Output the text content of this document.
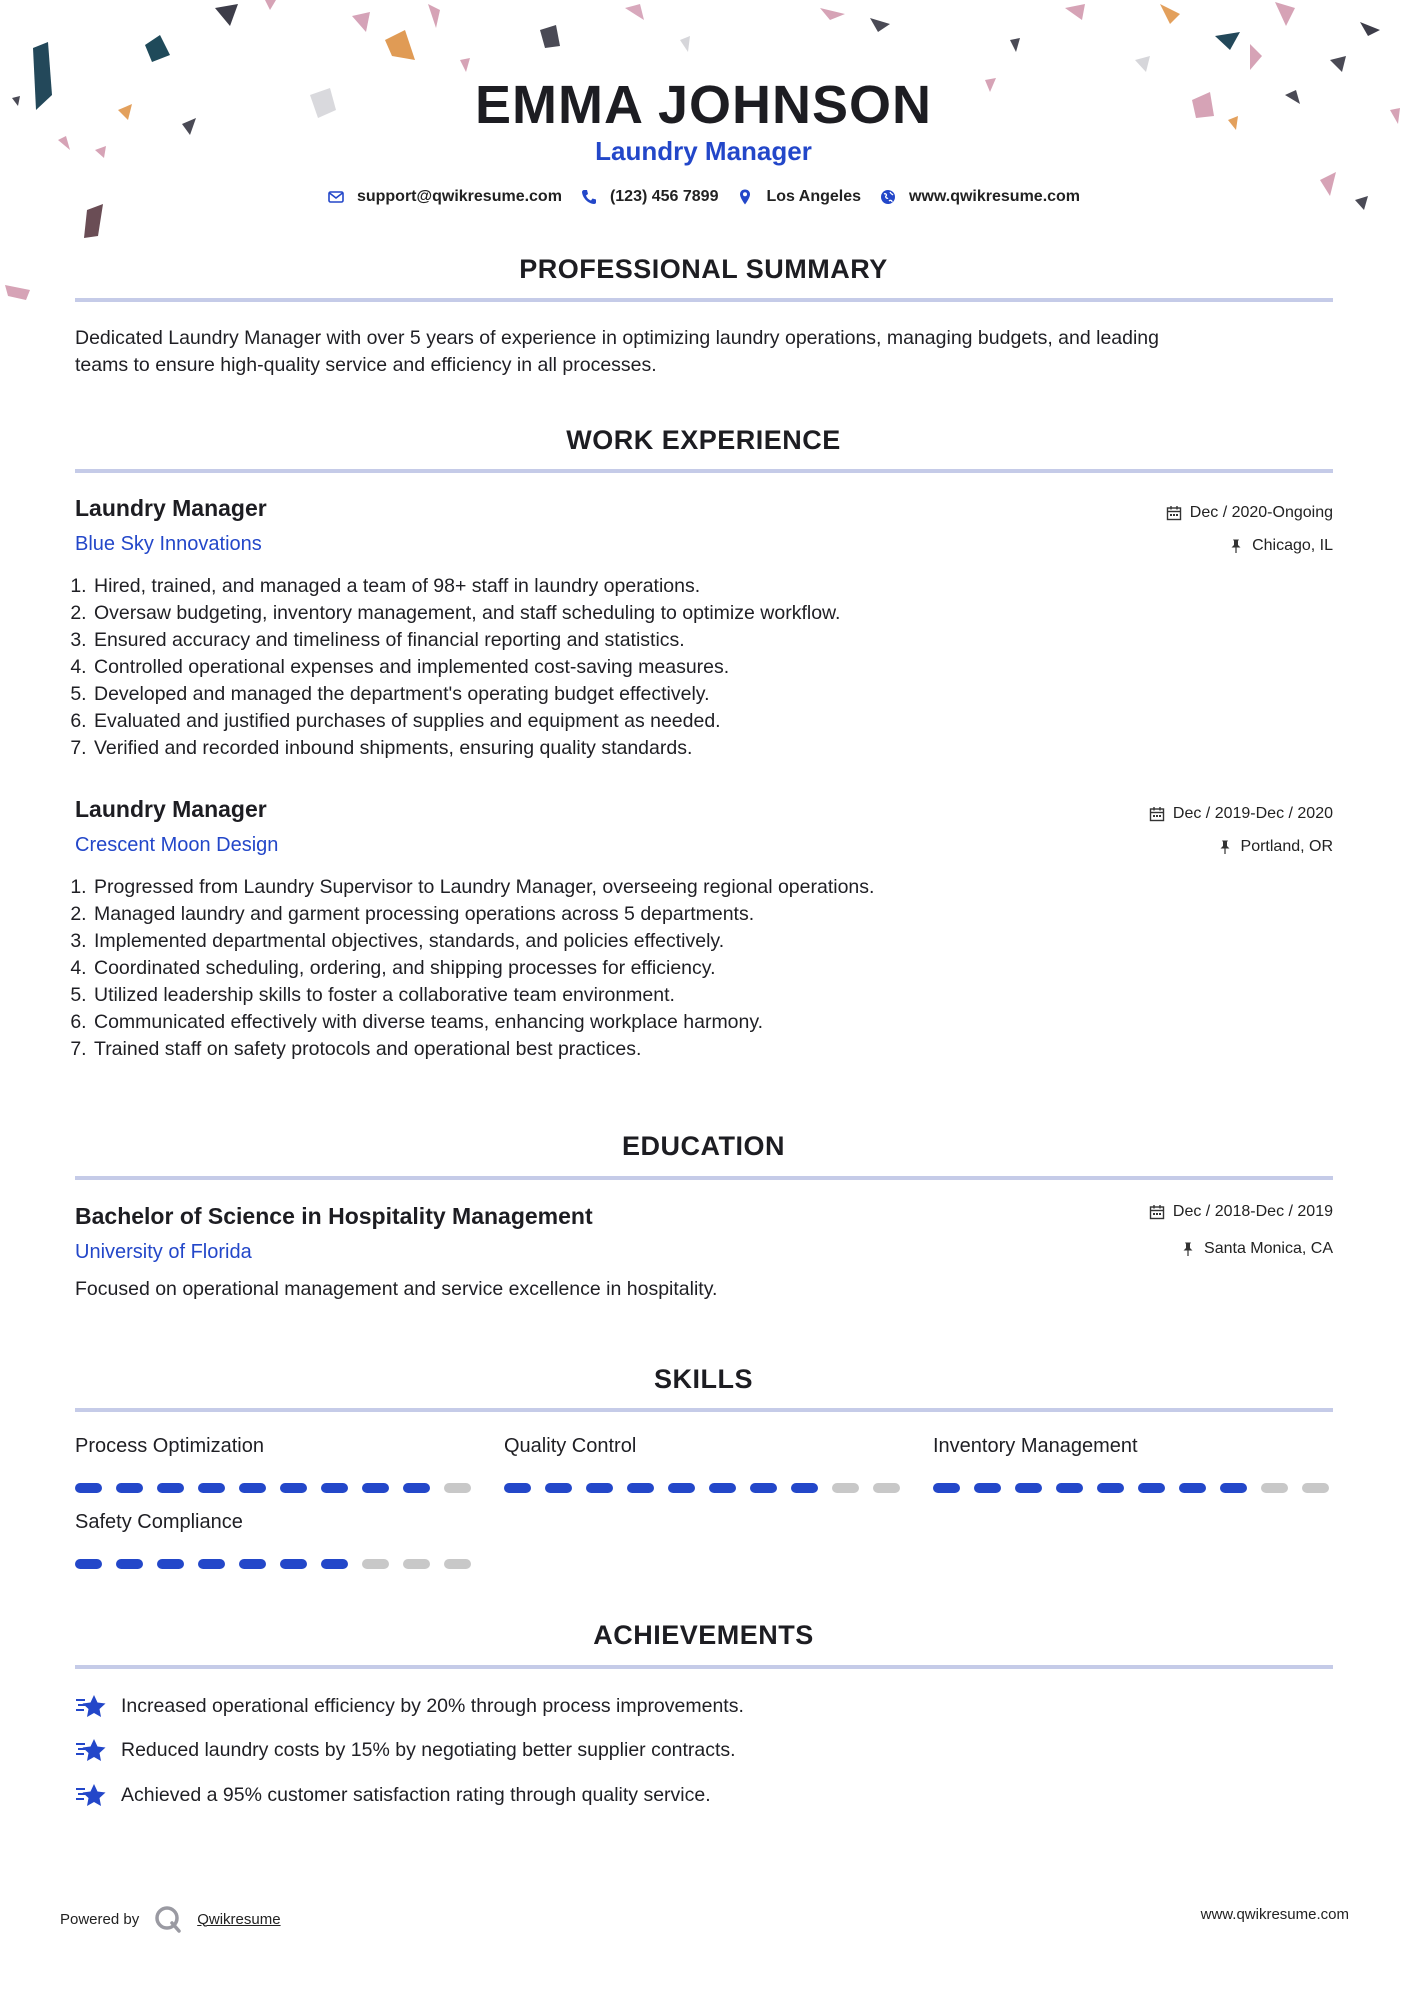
EMMA JOHNSON
Laundry Manager
support@qwikresume.com	(123) 456 7899	Los Angeles	www.qwikresume.com
PROFESSIONAL SUMMARY
Dedicated Laundry Manager with over 5 years of experience in optimizing laundry operations, managing budgets, and leading
teams to ensure high-quality service and efficiency in all processes.
WORK EXPERIENCE
Laundry Manager
Blue Sky Innovations
Dec / 2020-Ongoing
Chicago, IL
1. Hired, trained, and managed a team of 98+ staff in laundry operations.
2. Oversaw budgeting, inventory management, and staff scheduling to optimize workflow.
3. Ensured accuracy and timeliness of financial reporting and statistics.
4. Controlled operational expenses and implemented cost-saving measures.
5. Developed and managed the department's operating budget effectively.
6. Evaluated and justified purchases of supplies and equipment as needed.
7. Verified and recorded inbound shipments, ensuring quality standards.
Laundry Manager
Crescent Moon Design
Dec / 2019-Dec / 2020
Portland, OR
1. Progressed from Laundry Supervisor to Laundry Manager, overseeing regional operations.
2. Managed laundry and garment processing operations across 5 departments.
3. Implemented departmental objectives, standards, and policies effectively.
4. Coordinated scheduling, ordering, and shipping processes for efficiency.
5. Utilized leadership skills to foster a collaborative team environment.
6. Communicated effectively with diverse teams, enhancing workplace harmony.
7. Trained staff on safety protocols and operational best practices.
EDUCATION
Bachelor of Science in Hospitality Management
University of Florida
Dec / 2018-Dec / 2019
Santa Monica, CA
Focused on operational management and service excellence in hospitality.
SKILLS
Process Optimization	Quality Control	Inventory Management
Safety Compliance
ACHIEVEMENTS
Increased operational efficiency by 20% through process improvements.
Reduced laundry costs by 15% by negotiating better supplier contracts.
Achieved a 95% customer satisfaction rating through quality service.
Powered by	Qwikresume	www.qwikresume.com
